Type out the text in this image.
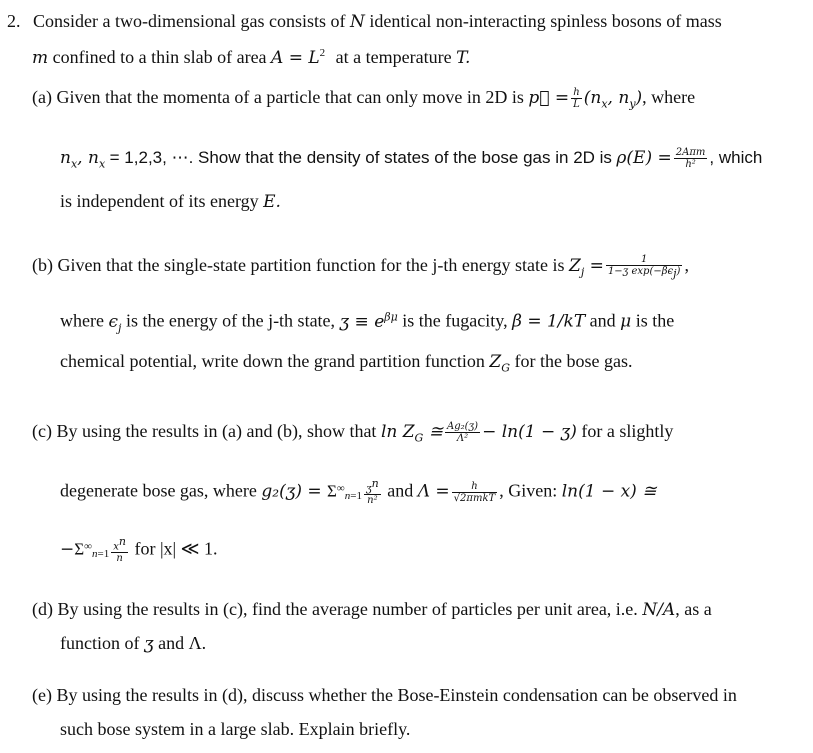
2. Consider a two-dimensional gas consists of N identical non-interacting spinless bosons of mass
m confined to a thin slab of area $A = L^2$ at a temperature T.
(a) Given that the momenta of a particle that can only move in 2D is p⃗ = $\frac{h}{L} (n_x$, $n_y$), where
$n_x$, $n_x = 1,2,3$, ⋯. Show that the density of states of the bose gas in 2D is $\rho(E) = \frac{\text{2Aπm}}{\text{h²}}$ , which
is independent of its energy E.
(b) Given that the single-state partition function for the j-th energy state is $Z_j = \frac{1}{1-ʒ \exp(-\beta\epsilon_j)}$ ,
where $\epsilon_j$ is the energy of the j-th state, ʒ ≡ $e^{\beta\mu}$ is the fugacity, β = 1/kT and μ is the
chemical potential, write down the grand partition function $Z_G$ for the bose gas.
(c) By using the results in (a) and (b), show that $\ln Z_G$ ≅ $\frac{\text{Ag₂(ʒ)}}{\text{Λ²}} - \ln(1$ − ʒ) for a slightly
degenerate bose gas, where g₂(ʒ) = $\Sigma^\infty_{n=1} \frac{ʒ^n}{\text{n²}}$ and $\Lambda = \frac{h}{\text{√2πmkT}}$ , Given: ln(1 − x) ≅
$-\Sigma^\infty_{n=1} \frac{x^n}{n}$ for |x| ≪ 1.
(d) By using the results in (c), find the average number of particles per unit area, i.e. N/A, as a
function of ʒ and Λ.
(e) By using the results in (d), discuss whether the Bose-Einstein condensation can be observed in
such bose system in a large slab. Explain briefly.
